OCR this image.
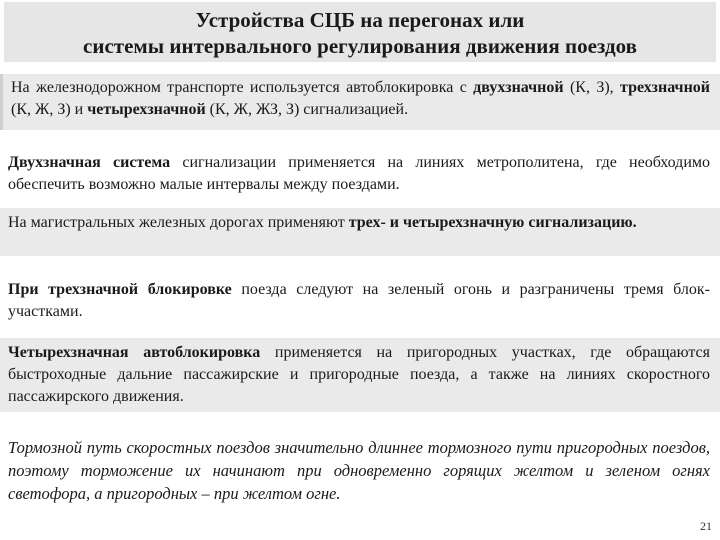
Устройства СЦБ на перегонах или
системы интервального регулирования движения поездов

На железнодорожном транспорте используется автоблокировка с двухзначной (К, З), трехзначной (К, Ж, З) и четырехзначной (К, Ж, ЖЗ, З) сигнализацией.

Двухзначная система сигнализации применяется на линиях метрополитена, где необходимо обеспечить возможно малые интервалы между поездами.

На магистральных железных дорогах применяют трех- и четырехзначную сигнализацию.

При трехзначной блокировке поезда следуют на зеленый огонь и разграничены тремя блок-участками.

Четырехзначная автоблокировка применяется на пригородных участках, где обращаются быстроходные дальние пассажирские и пригородные поезда, а также на линиях скоростного пассажирского движения.

Тормозной путь скоростных поездов значительно длиннее тормозного пути пригородных поездов, поэтому торможение их начинают при одновременно горящих желтом и зеленом огнях светофора, а пригородных – при желтом огне.

21
